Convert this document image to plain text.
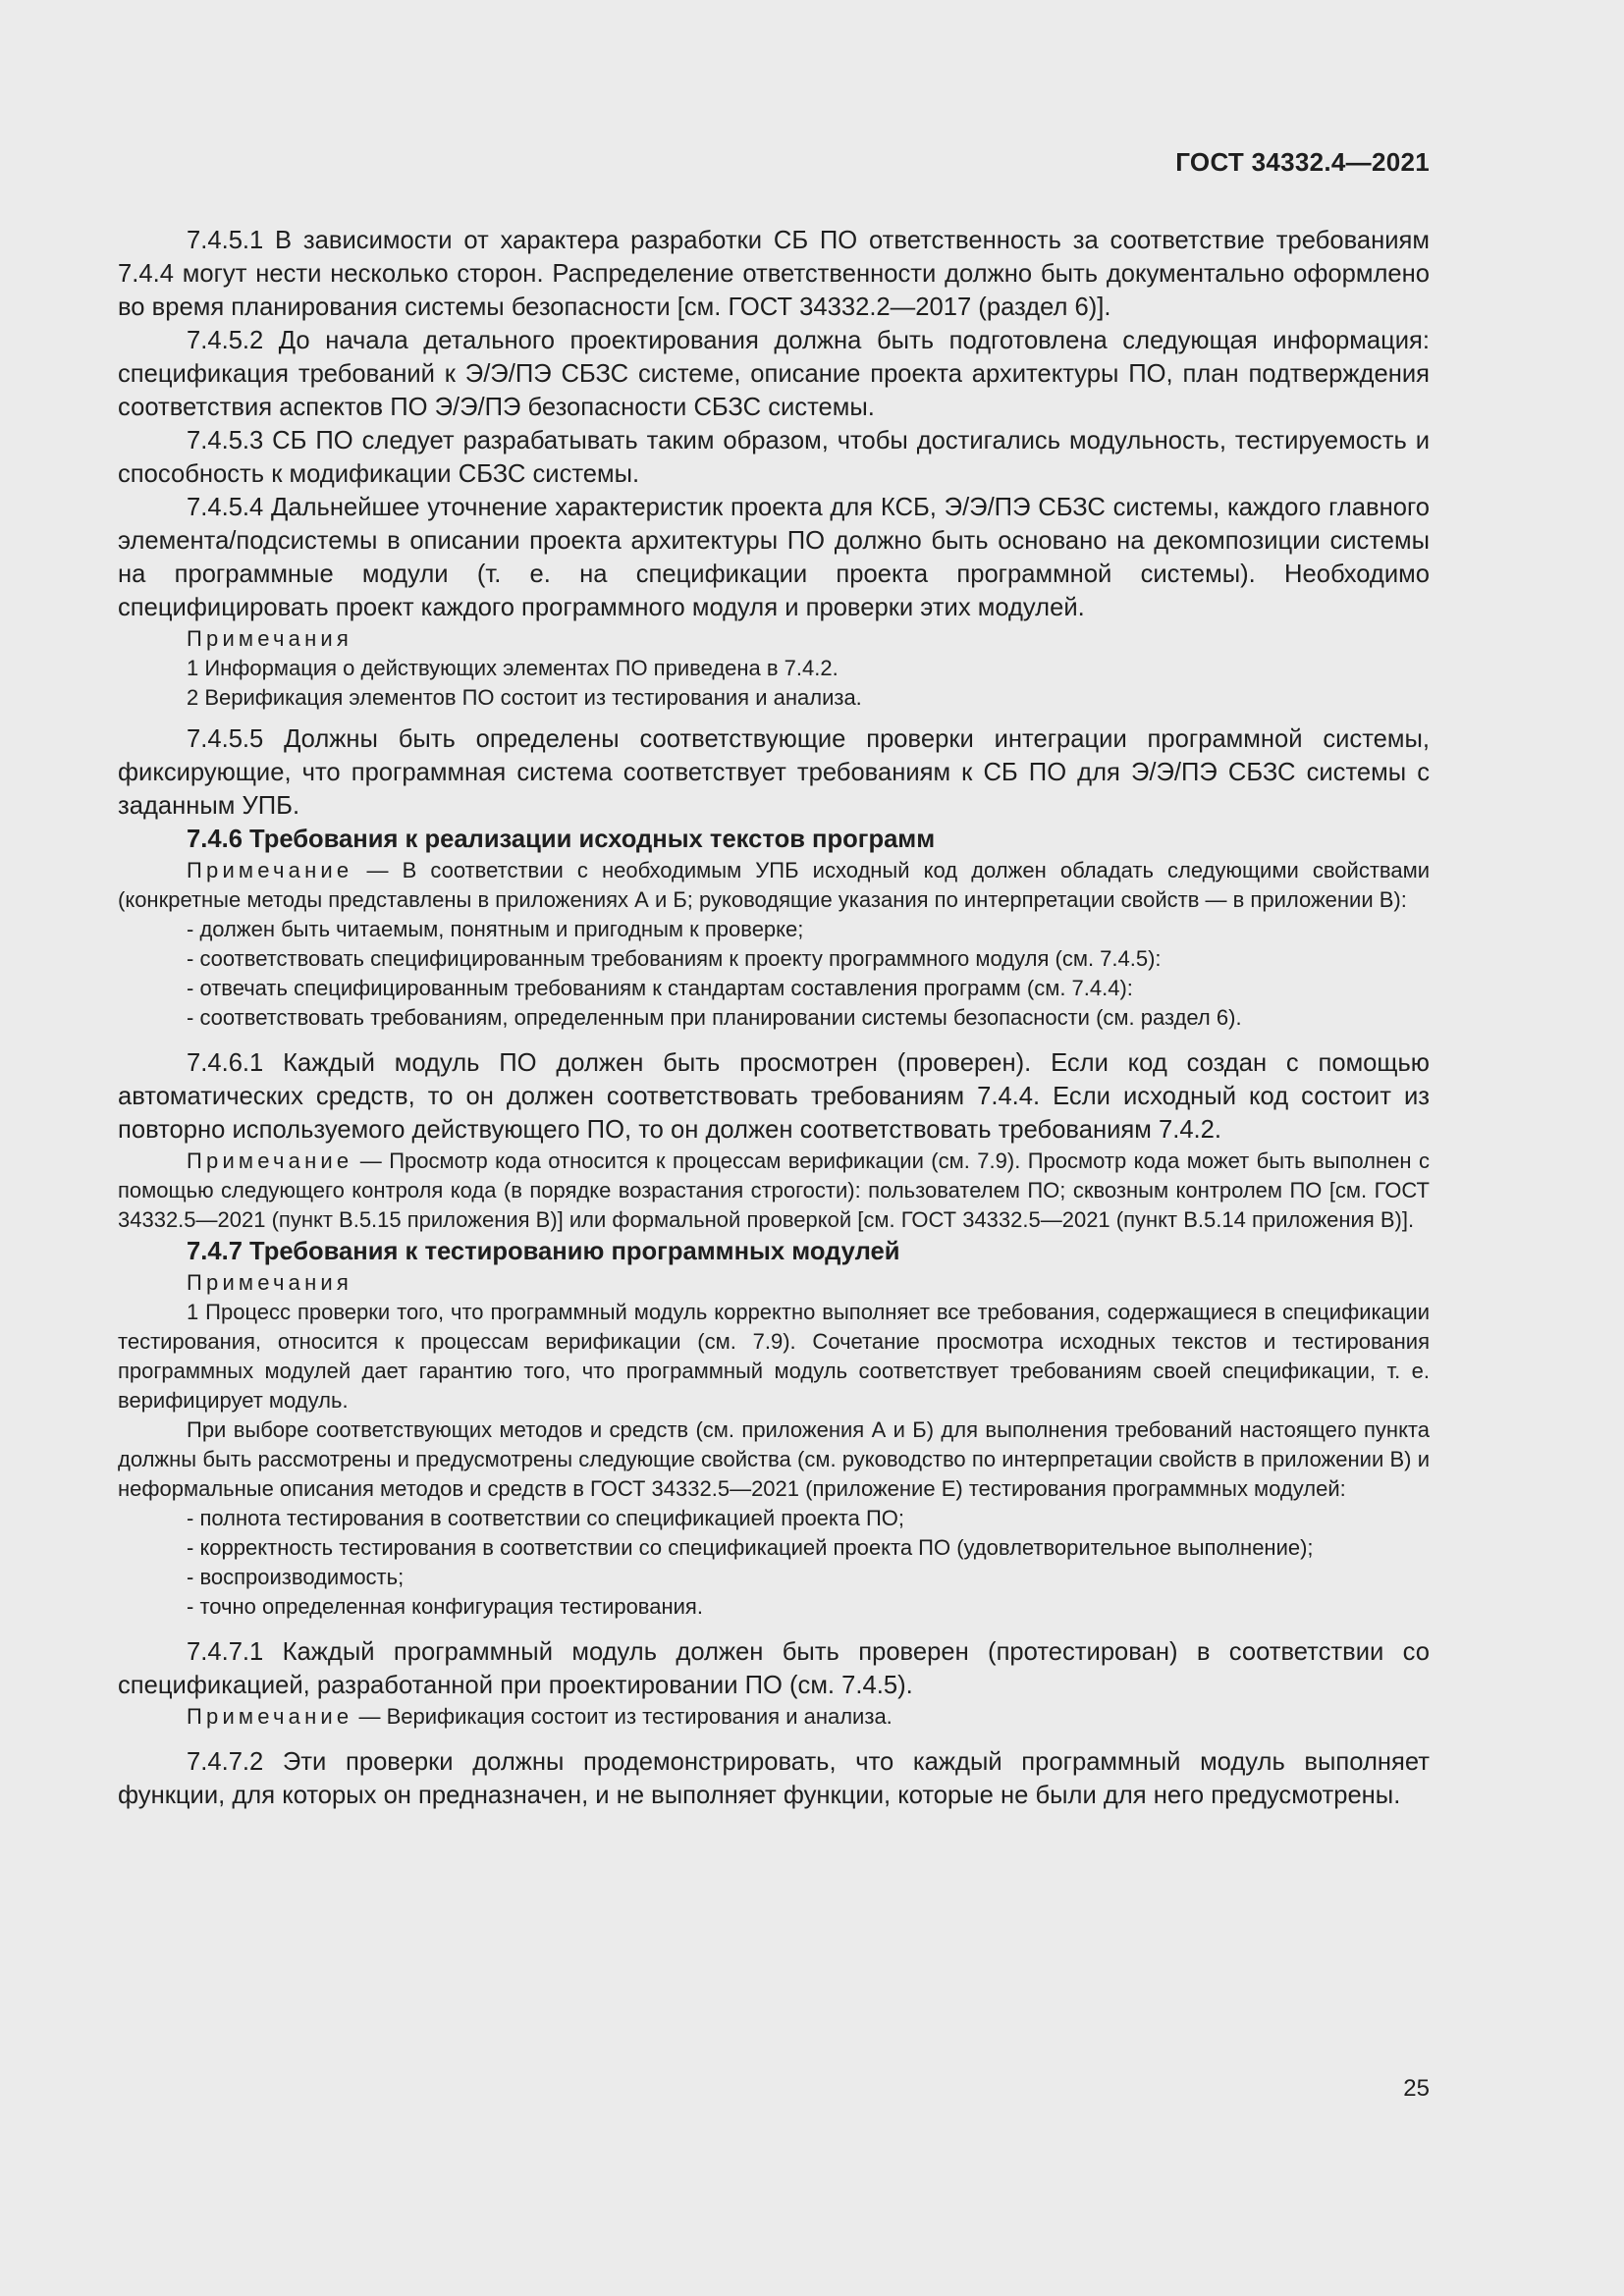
ГОСТ 34332.4—2021

7.4.5.1 В зависимости от характера разработки СБ ПО ответственность за соответствие требованиям 7.4.4 могут нести несколько сторон. Распределение ответственности должно быть документально оформлено во время планирования системы безопасности [см. ГОСТ 34332.2—2017 (раздел 6)].

7.4.5.2 До начала детального проектирования должна быть подготовлена следующая информация: спецификация требований к Э/Э/ПЭ СБЗС системе, описание проекта архитектуры ПО, план подтверждения соответствия аспектов ПО Э/Э/ПЭ безопасности СБЗС системы.

7.4.5.3 СБ ПО следует разрабатывать таким образом, чтобы достигались модульность, тестируемость и способность к модификации СБЗС системы.

7.4.5.4 Дальнейшее уточнение характеристик проекта для КСБ, Э/Э/ПЭ СБЗС системы, каждого главного элемента/подсистемы в описании проекта архитектуры ПО должно быть основано на декомпозиции системы на программные модули (т. е. на спецификации проекта программной системы). Необходимо специфицировать проект каждого программного модуля и проверки этих модулей.

Примечания

1 Информация о действующих элементах ПО приведена в 7.4.2.

2 Верификация элементов ПО состоит из тестирования и анализа.

7.4.5.5 Должны быть определены соответствующие проверки интеграции программной системы, фиксирующие, что программная система соответствует требованиям к СБ ПО для Э/Э/ПЭ СБЗС системы с заданным УПБ.

7.4.6 Требования к реализации исходных текстов программ

Примечание — В соответствии с необходимым УПБ исходный код должен обладать следующими свойствами (конкретные методы представлены в приложениях А и Б; руководящие указания по интерпретации свойств — в приложении В):

- должен быть читаемым, понятным и пригодным к проверке;

- соответствовать специфицированным требованиям к проекту программного модуля (см. 7.4.5):

- отвечать специфицированным требованиям к стандартам составления программ (см. 7.4.4):

- соответствовать требованиям, определенным при планировании системы безопасности (см. раздел 6).

7.4.6.1 Каждый модуль ПО должен быть просмотрен (проверен). Если код создан с помощью автоматических средств, то он должен соответствовать требованиям 7.4.4. Если исходный код состоит из повторно используемого действующего ПО, то он должен соответствовать требованиям 7.4.2.

Примечание — Просмотр кода относится к процессам верификации (см. 7.9). Просмотр кода может быть выполнен с помощью следующего контроля кода (в порядке возрастания строгости): пользователем ПО; сквозным контролем ПО [см. ГОСТ 34332.5—2021 (пункт В.5.15 приложения В)] или формальной проверкой [см. ГОСТ 34332.5—2021 (пункт В.5.14 приложения В)].

7.4.7 Требования к тестированию программных модулей

Примечания

1 Процесс проверки того, что программный модуль корректно выполняет все требования, содержащиеся в спецификации тестирования, относится к процессам верификации (см. 7.9). Сочетание просмотра исходных текстов и тестирования программных модулей дает гарантию того, что программный модуль соответствует требованиям своей спецификации, т. е. верифицирует модуль.

При выборе соответствующих методов и средств (см. приложения А и Б) для выполнения требований настоящего пункта должны быть рассмотрены и предусмотрены следующие свойства (см. руководство по интерпретации свойств в приложении В) и неформальные описания методов и средств в ГОСТ 34332.5—2021 (приложение Е) тестирования программных модулей:

- полнота тестирования в соответствии со спецификацией проекта ПО;

- корректность тестирования в соответствии со спецификацией проекта ПО (удовлетворительное выполнение);

- воспроизводимость;

- точно определенная конфигурация тестирования.

7.4.7.1 Каждый программный модуль должен быть проверен (протестирован) в соответствии со спецификацией, разработанной при проектировании ПО (см. 7.4.5).

Примечание — Верификация состоит из тестирования и анализа.

7.4.7.2 Эти проверки должны продемонстрировать, что каждый программный модуль выполняет функции, для которых он предназначен, и не выполняет функции, которые не были для него предусмотрены.

25
